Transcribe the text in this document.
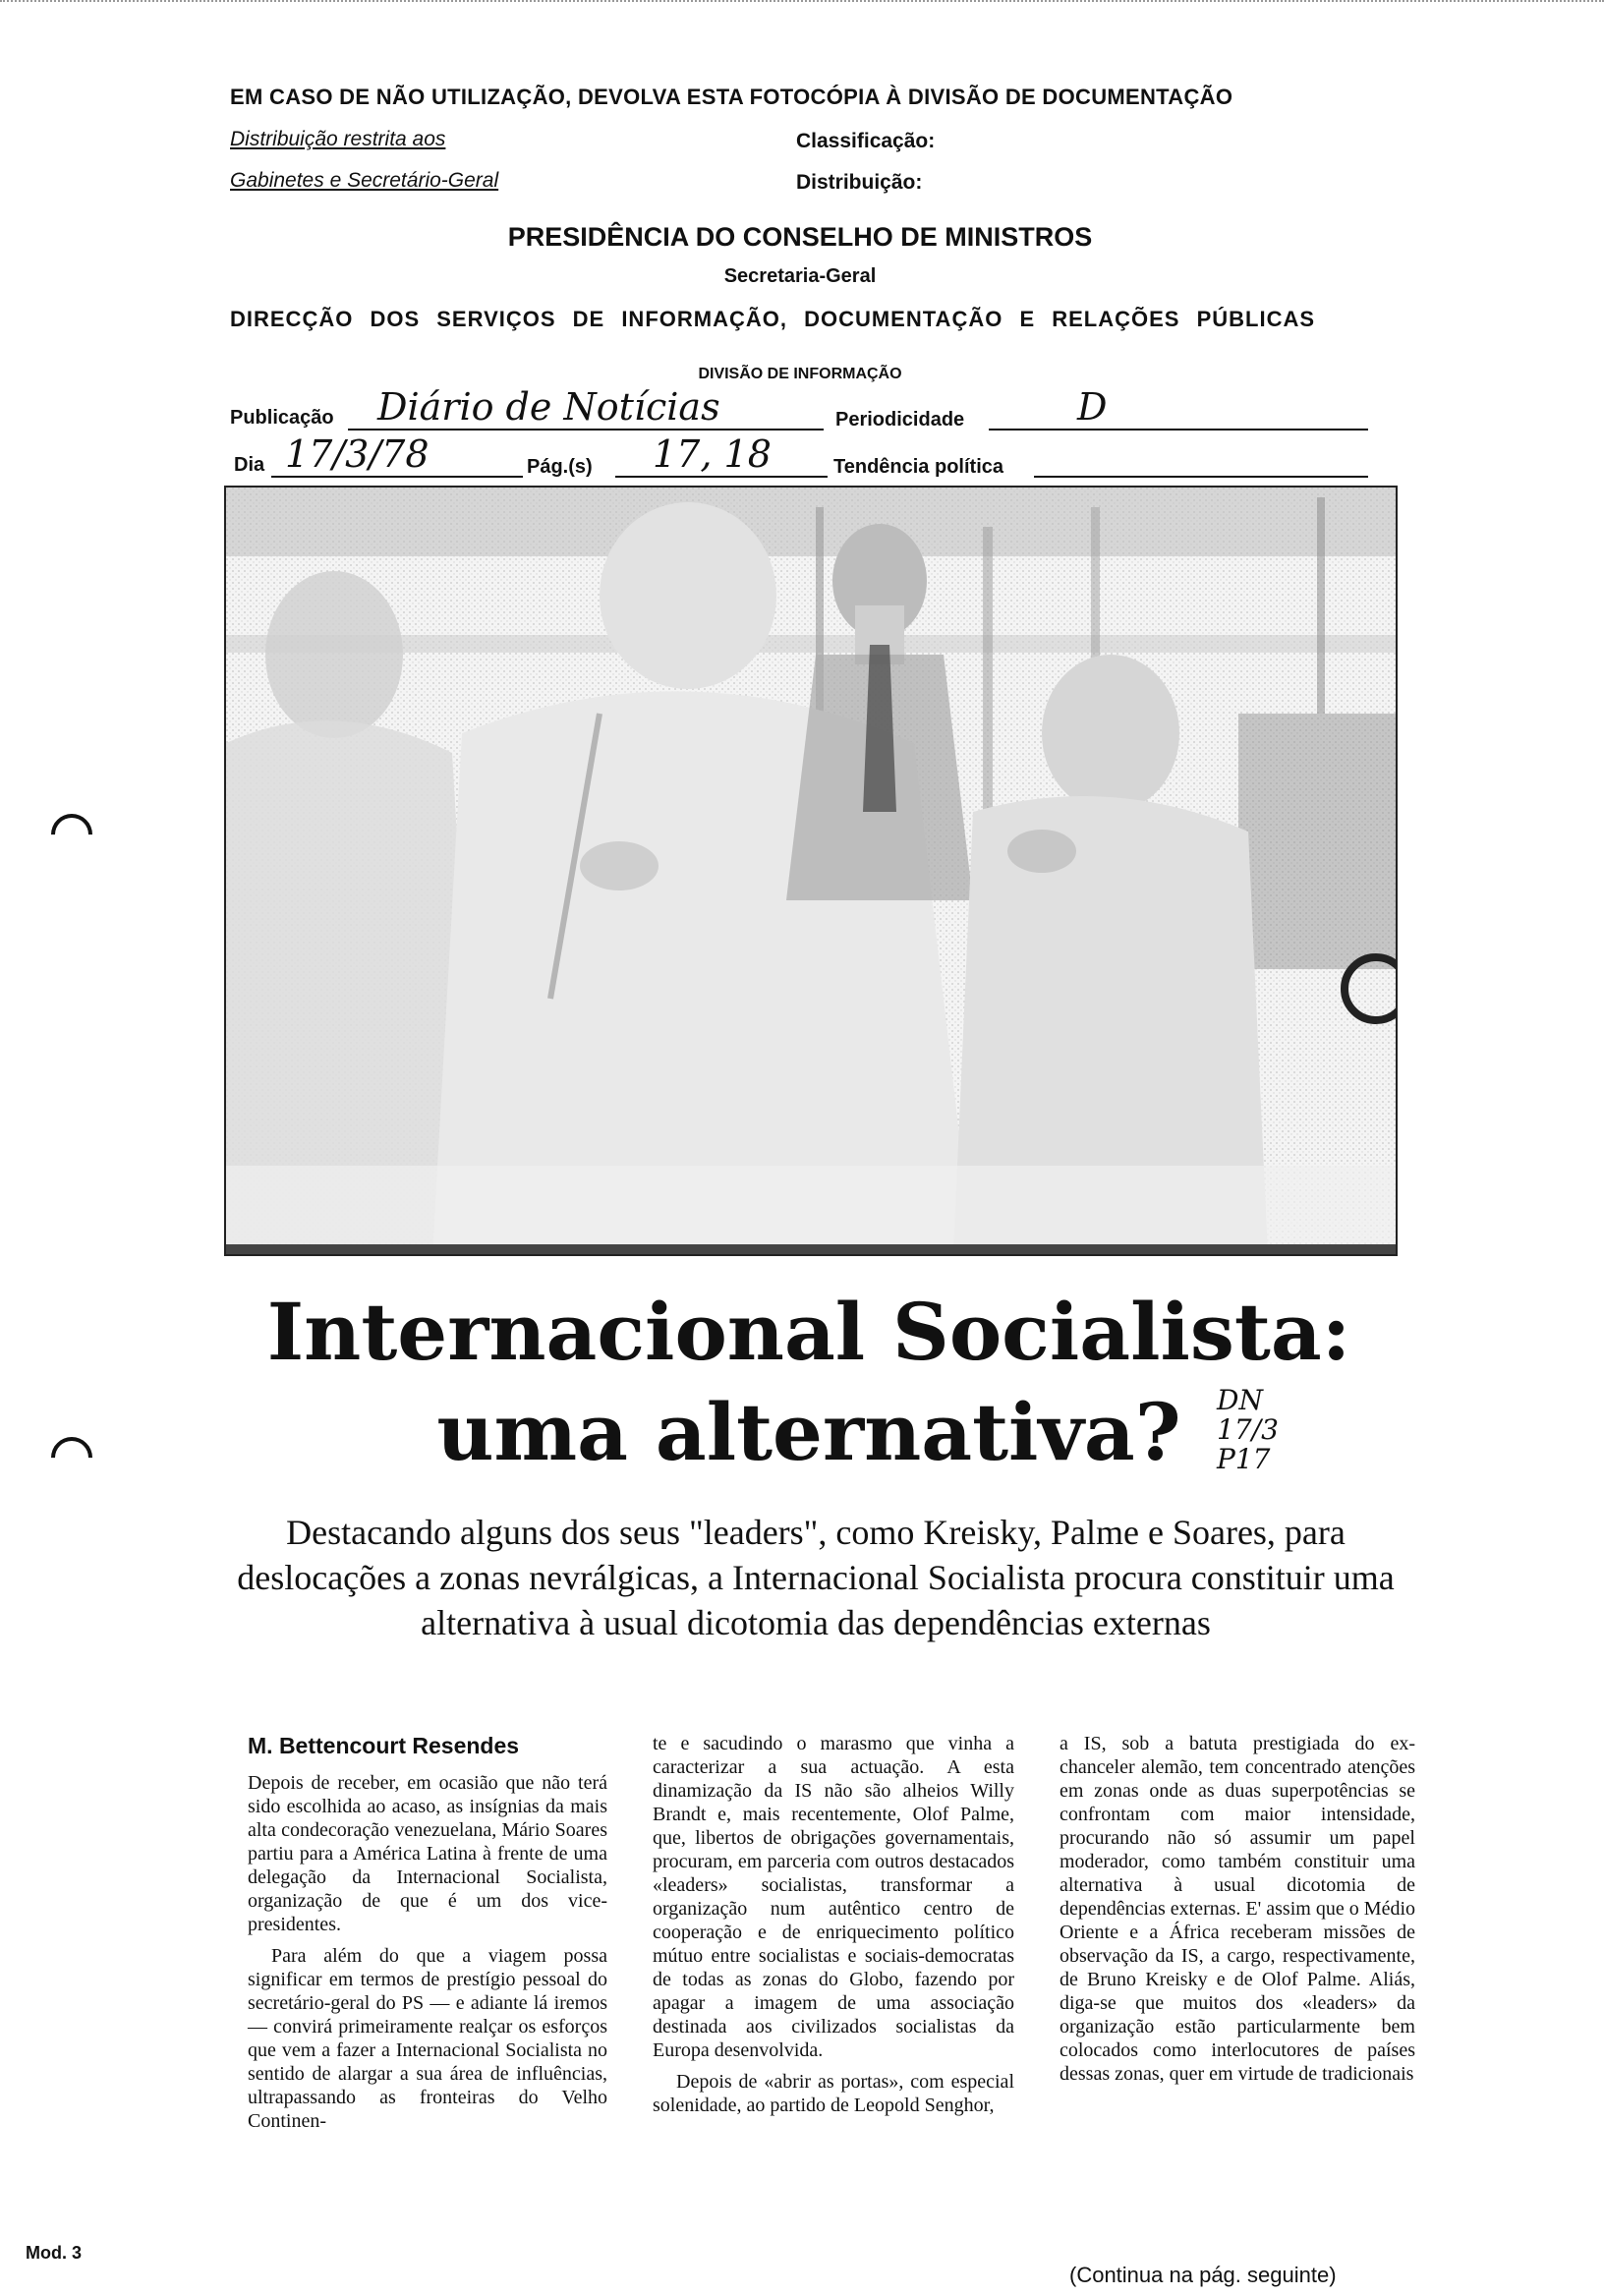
EM CASO DE NÃO UTILIZAÇÃO, DEVOLVA ESTA FOTOCÓPIA À DIVISÃO DE DOCUMENTAÇÃO
Distribuição restrita aos
Gabinetes e Secretário-Geral
Classificação:
Distribuição:
PRESIDÊNCIA DO CONSELHO DE MINISTROS
Secretaria-Geral
DIRECÇÃO DOS SERVIÇOS DE INFORMAÇÃO, DOCUMENTAÇÃO E RELAÇÕES PÚBLICAS
DIVISÃO DE INFORMAÇÃO
Publicação Diário de Notícias	Periodicidade	D
Dia 17/3/78	Pág.(s) 17, 18	Tendência política
Internacional Socialista:
uma alternativa?	DN
17/3
P17
Destacando alguns dos seus "leaders", como Kreisky, Palme e Soares, para deslocações a zonas nevrálgicas, a Internacional Socialista procura constituir uma alternativa à usual dicotomia das dependências externas
M. Bettencourt Resendes

Depois de receber, em ocasião que não terá sido escolhida ao acaso, as insígnias da mais alta condecoração venezuelana, Mário Soares partiu para a América Latina à frente de uma delegação da Internacional Socialista, organização de que é um dos vice-presidentes.

Para além do que a viagem possa significar em termos de prestígio pessoal do secretário-geral do PS — e adiante lá iremos — convirá primeiramente realçar os esforços que vem a fazer a Internacional Socialista no sentido de alargar a sua área de influências, ultrapassando as fronteiras do Velho Continen-

te e sacudindo o marasmo que vinha a caracterizar a sua actuação. A esta dinamização da IS não são alheios Willy Brandt e, mais recentemente, Olof Palme, que, libertos de obrigações governamentais, procuram, em parceria com outros destacados «leaders» socialistas, transformar a organização num autêntico centro de cooperação e de enriquecimento político mútuo entre socialistas e sociais-democratas de todas as zonas do Globo, fazendo por apagar a imagem de uma associação destinada aos civilizados socialistas da Europa desenvolvida.

Depois de «abrir as portas», com especial solenidade, ao partido de Leopold Senghor,

a IS, sob a batuta prestigiada do ex-chanceler alemão, tem concentrado atenções em zonas onde as duas superpotências se confrontam com maior intensidade, procurando não só assumir um papel moderador, como também constituir uma alternativa à usual dicotomia de dependências externas. E' assim que o Médio Oriente e a África receberam missões de observação da IS, a cargo, respectivamente, de Bruno Kreisky e de Olof Palme. Aliás, diga-se que muitos dos «leaders» da organização estão particularmente bem colocados como interlocutores de países dessas zonas, quer em virtude de tradicionais

(Continua na pág. seguinte)
Mod. 3
